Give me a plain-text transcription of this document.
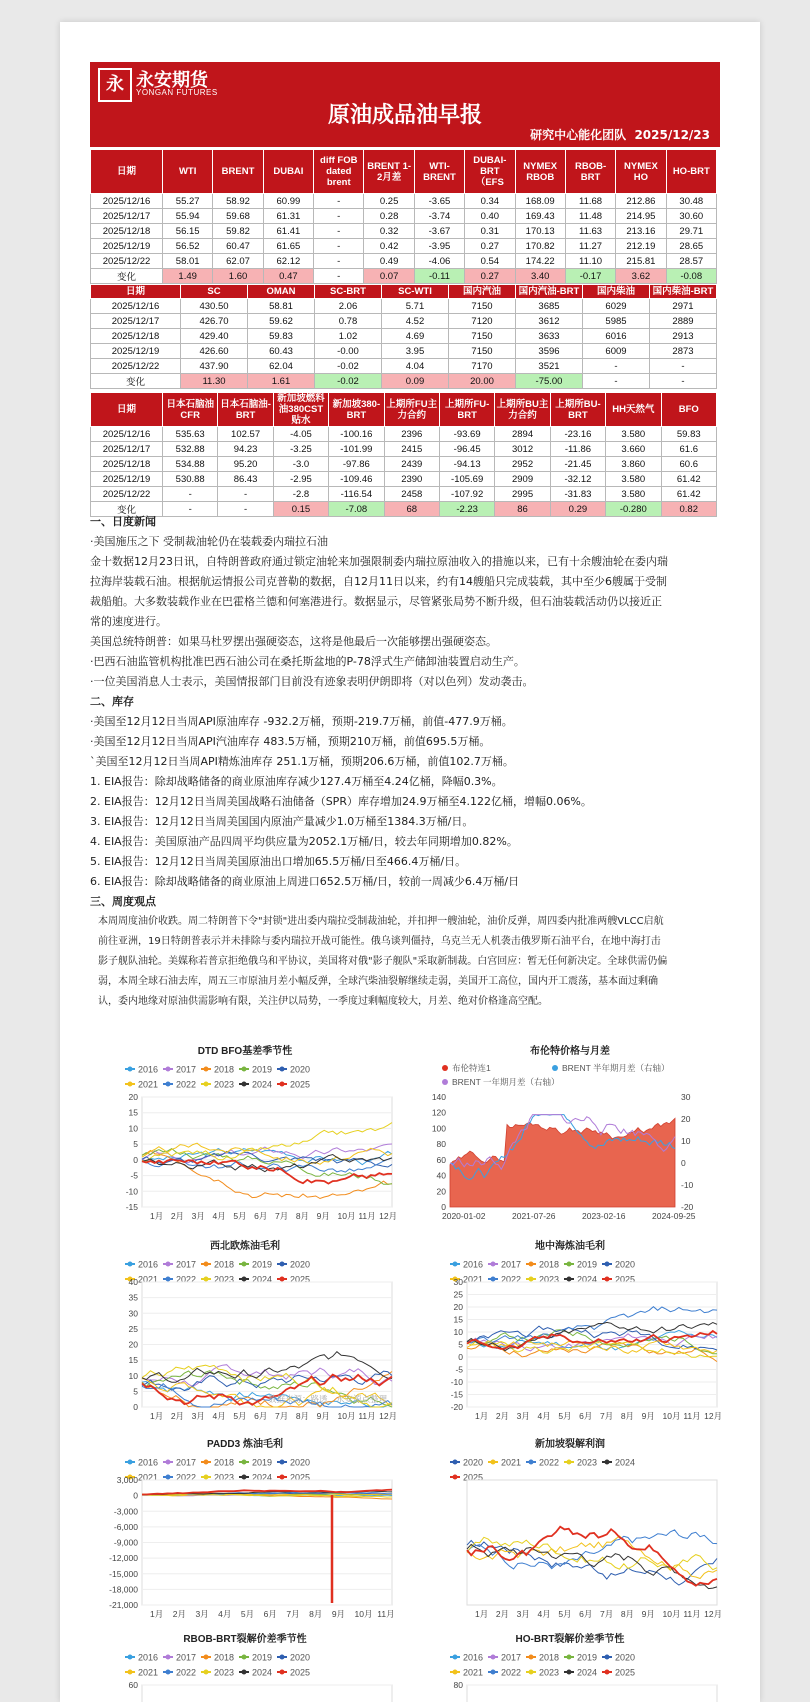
永 永安期货
YONGAN FUTURES
原油成品油早报
研究中心能化团队 2025/12/23
日期	WTI	BRENT	DUBAI	diff FOB dated brent	BRENT 1-2月差	WTI-BRENT	DUBAI-BRT（EFS	NYMEX RBOB	RBOB-BRT	NYMEX HO	HO-BRT
2025/12/16	55.27	58.92	60.99	-	0.25	-3.65	0.34	168.09	11.68	212.86	30.48
2025/12/17	55.94	59.68	61.31	-	0.28	-3.74	0.40	169.43	11.48	214.95	30.60
2025/12/18	56.15	59.82	61.41	-	0.32	-3.67	0.31	170.13	11.63	213.16	29.71
2025/12/19	56.52	60.47	61.65	-	0.42	-3.95	0.27	170.82	11.27	212.19	28.65
2025/12/22	58.01	62.07	62.12	-	0.49	-4.06	0.54	174.22	11.10	215.81	28.57
变化	1.49	1.60	0.47	-	0.07	-0.11	0.27	3.40	-0.17	3.62	-0.08
日期	SC	OMAN	SC-BRT	SC-WTI	国内汽油	国内汽油-BRT	国内柴油	国内柴油-BRT
2025/12/16	430.50	58.81	2.06	5.71	7150	3685	6029	2971
2025/12/17	426.70	59.62	0.78	4.52	7120	3612	5985	2889
2025/12/18	429.40	59.83	1.02	4.69	7150	3633	6016	2913
2025/12/19	426.60	60.43	-0.00	3.95	7150	3596	6009	2873
2025/12/22	437.90	62.04	-0.02	4.04	7170	3521	-	-
变化	11.30	1.61	-0.02	0.09	20.00	-75.00	-	-
日期	日本石脑油CFR	日本石脑油-BRT	新加坡燃料油380CST贴水	新加坡380-BRT	上期所FU主力合约	上期所FU-BRT	上期所BU主力合约	上期所BU-BRT	HH天然气	BFO
2025/12/16	535.63	102.57	-4.05	-100.16	2396	-93.69	2894	-23.16	3.580	59.83
2025/12/17	532.88	94.23	-3.25	-101.99	2415	-96.45	3012	-11.86	3.660	61.6
2025/12/18	534.88	95.20	-3.0	-97.86	2439	-94.13	2952	-21.45	3.860	60.6
2025/12/19	530.88	86.43	-2.95	-109.46	2390	-105.69	2909	-32.12	3.580	61.42
2025/12/22	-	-	-2.8	-116.54	2458	-107.92	2995	-31.83	3.580	61.42
变化	-	-	0.15	-7.08	68	-2.23	86	0.29	-0.280	0.82
一、日度新闻
·美国施压之下 受制裁油轮仍在装载委内瑞拉石油
金十数据12月23日讯，自特朗普政府通过锁定油轮来加强限制委内瑞拉原油收入的措施以来，已有十余艘油轮在委内瑞
拉海岸装载石油。根据航运情报公司克普勒的数据，自12月11日以来，约有14艘船只完成装载，其中至少6艘属于受制
裁船舶。大多数装载作业在巴霍格兰德和何塞港进行。数据显示，尽管紧张局势不断升级，但石油装载活动仍以接近正
常的速度进行。
美国总统特朗普：如果马杜罗摆出强硬姿态，这将是他最后一次能够摆出强硬姿态。
·巴西石油监管机构批准巴西石油公司在桑托斯盆地的P-78浮式生产储卸油装置启动生产。
·一位美国消息人士表示，美国情报部门目前没有迹象表明伊朗即将（对以色列）发动袭击。
二、库存
·美国至12月12日当周API原油库存 -932.2万桶，预期-219.7万桶，前值-477.9万桶。
·美国至12月12日当周API汽油库存 483.5万桶，预期210万桶，前值695.5万桶。
`美国至12月12日当周API精炼油库存 251.1万桶，预期206.6万桶，前值102.7万桶。
1. EIA报告：除却战略储备的商业原油库存减少127.4万桶至4.24亿桶，降幅0.3%。
2. EIA报告：12月12日当周美国战略石油储备（SPR）库存增加24.9万桶至4.122亿桶，增幅0.06%。
3. EIA报告：12月12日当周美国国内原油产量减少1.0万桶至1384.3万桶/日。
4. EIA报告：美国原油产品四周平均供应量为2052.1万桶/日，较去年同期增加0.82%。
5. EIA报告：12月12日当周美国原油出口增加65.5万桶/日至466.4万桶/日。
6. EIA报告：除却战略储备的商业原油上周进口652.5万桶/日，较前一周减少6.4万桶/日
三、周度观点
本周周度油价收跌。周二特朗普下令"封锁"进出委内瑞拉受制裁油轮，并扣押一艘油轮，油价反弹，周四委内批准两艘VLCC启航
前往亚洲，19日特朗普表示并未排除与委内瑞拉开战可能性。俄乌谈判僵持，乌克兰无人机袭击俄罗斯石油平台，在地中海打击
影子舰队油轮。美媒称若普京拒绝俄乌和平协议，美国将对俄"影子舰队"采取新制裁。白宫回应：暂无任何新决定。全球供需仍偏
弱，本周全球石油去库，周五三市原油月差小幅反弹，全球汽柴油裂解继续走弱，美国开工高位，国内开工震荡，基本面过剩确
认，委内地缘对原油供需影响有限，关注伊以局势，一季度过剩幅度较大，月差、绝对价格逢高空配。
DTD BFO基差季节性
2016 2017 2018 2019 2020
2021 2022 2023 2024 2025
20
15
10
5
0
-5
-10
-15
1月 2月 3月 4月 5月 6月 7月 8月 9月 10月 11月 12月
布伦特价格与月差
布伦特连1	BRENT 半年期月差（右轴）
BRENT 一年期月差（右轴）
140
120
100
80
60
40
20
0
30
20
10
0
-10
-20
2020-01-02	2021-07-26	2023-02-16	2024-09-25
西北欧炼油毛利
2016 2017 2018 2019 2020
2021 2022 2023 2024 2025
40
35
30
25
20
15
10
5
0
1月 2月 3月 4月 5月 6月 7月 8月 9月 10月 11月 12月
数据来源：路透，永安源点整理
地中海炼油毛利
2016 2017 2018 2019 2020
2021 2022 2023 2024 2025
30
25
20
15
10
5
0
-5
-10
-15
-20
1月 2月 3月 4月 5月 6月 7月 8月 9月 10月 11月 12月
PADD3 炼油毛利
2016 2017 2018 2019 2020
2021 2022 2023 2024 2025
3,000
0
-3,000
-6,000
-9,000
-12,000
-15,000
-18,000
-21,000
1月 2月 3月 4月 5月 6月 7月 8月 9月 10月 11月
新加坡裂解利润
2020 2021 2022 2023 2024
2025
1月 2月 3月 4月 5月 6月 7月 8月 9月 10月 11月 12月
RBOB-BRT裂解价差季节性
2016 2017 2018 2019 2020
2021 2022 2023 2024 2025
60
HO-BRT裂解价差季节性
2016 2017 2018 2019 2020
2021 2022 2023 2024 2025
80
